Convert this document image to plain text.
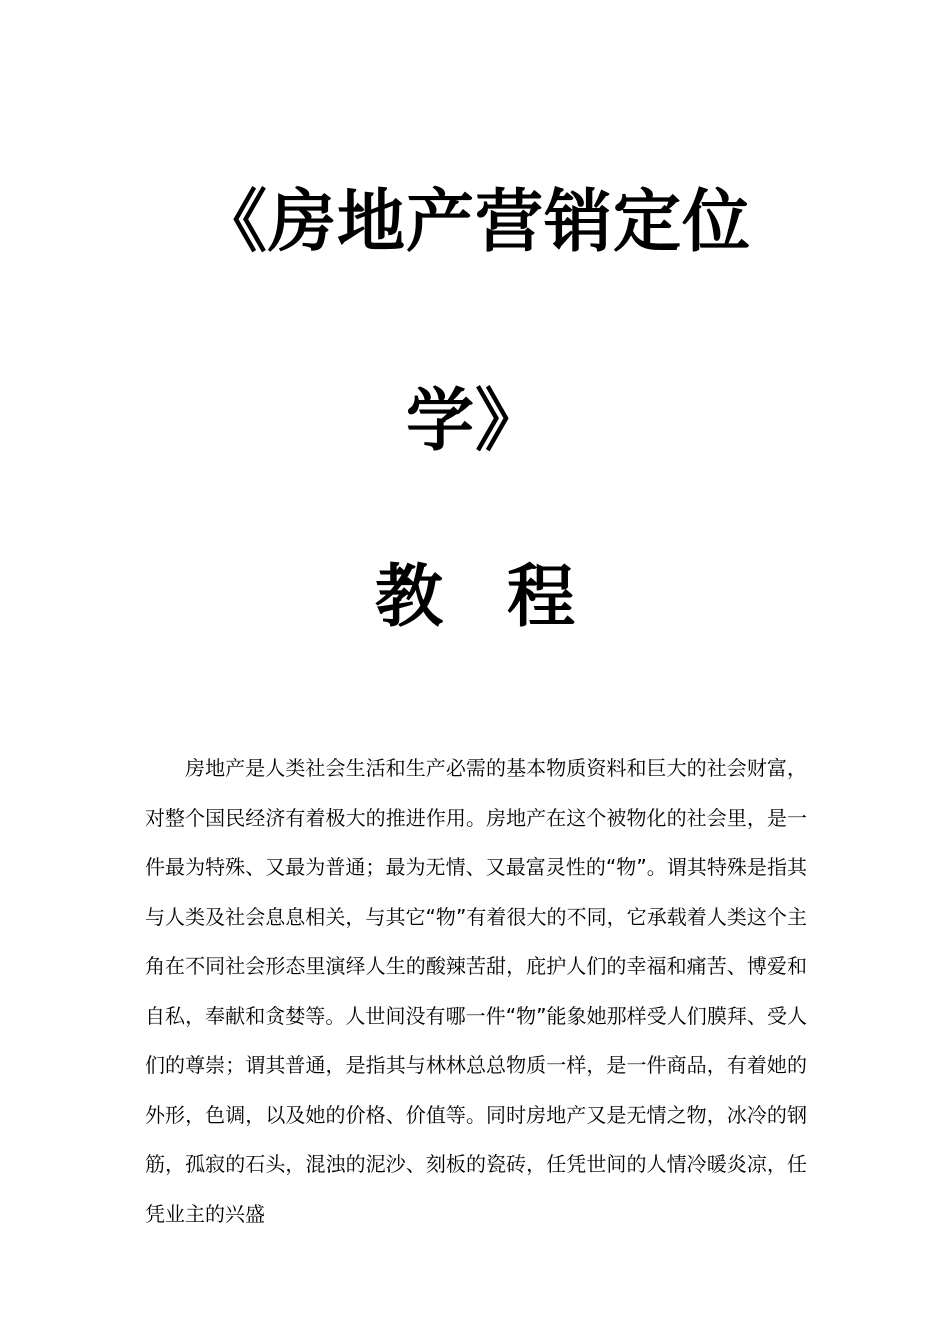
《房地产营销定位
学》
教 程

房地产是人类社会生活和生产必需的基本物质资料和巨大的社会财富，对整个国民经济有着极大的推进作用。房地产在这个被物化的社会里，是一件最为特殊、又最为普通；最为无情、又最富灵性的“物”。谓其特殊是指其与人类及社会息息相关，与其它“物”有着很大的不同，它承载着人类这个主角在不同社会形态里演绎人生的酸辣苦甜，庇护人们的幸福和痛苦、博爱和自私，奉献和贪婪等。人世间没有哪一件“物”能象她那样受人们膜拜、受人们的尊崇；谓其普通，是指其与林林总总物质一样，是一件商品，有着她的外形，色调，以及她的价格、价值等。同时房地产又是无情之物，冰冷的钢筋，孤寂的石头，混浊的泥沙、刻板的瓷砖，任凭世间的人情冷暖炎凉，任凭业主的兴盛
